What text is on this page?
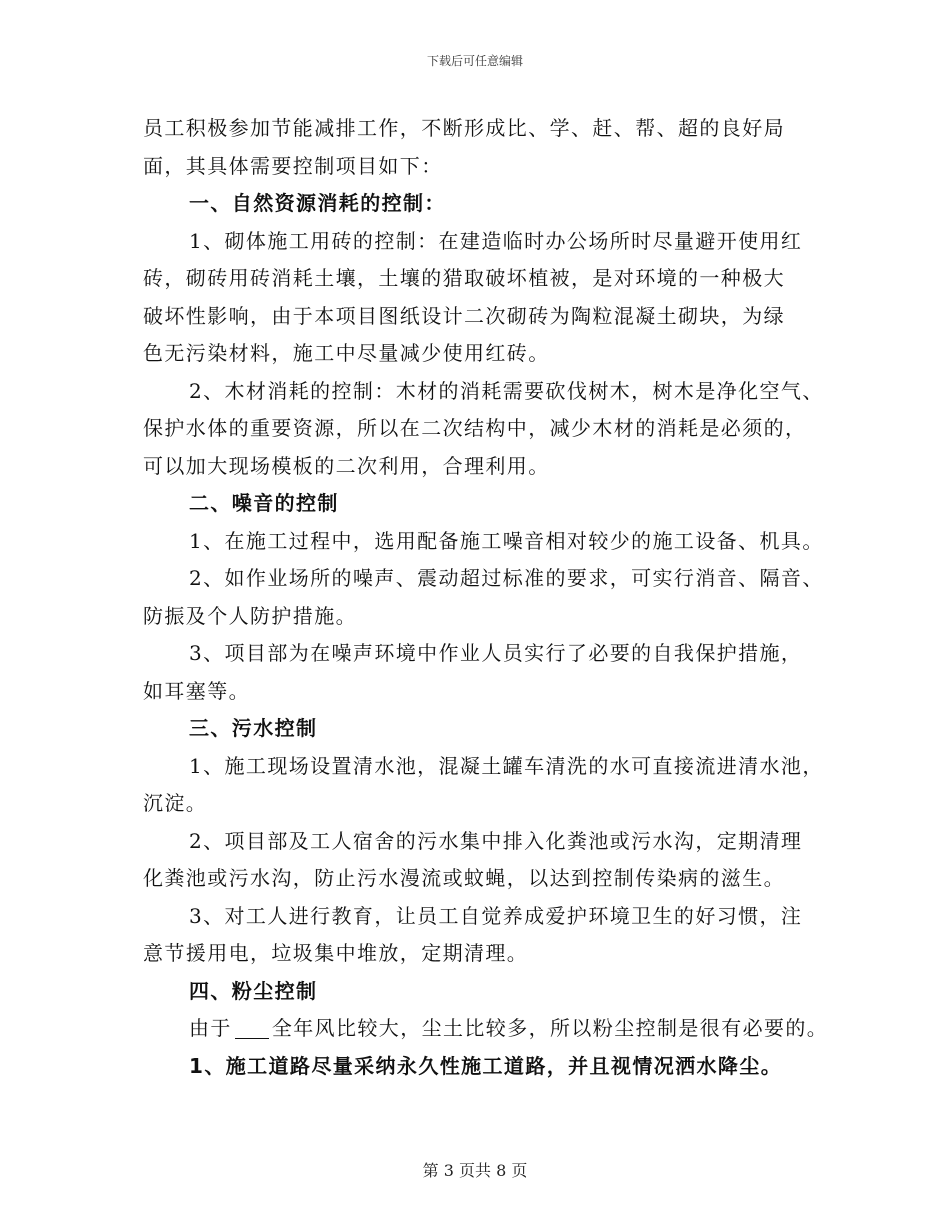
下载后可任意编辑
员工积极参加节能减排工作，不断形成比、学、赶、帮、超的良好局
面，其具体需要控制项目如下：
一、自然资源消耗的控制：
1、砌体施工用砖的控制：在建造临时办公场所时尽量避开使用红
砖，砌砖用砖消耗土壤，土壤的猎取破坏植被，是对环境的一种极大
破坏性影响，由于本项目图纸设计二次砌砖为陶粒混凝土砌块，为绿
色无污染材料，施工中尽量减少使用红砖。
2、木材消耗的控制：木材的消耗需要砍伐树木，树木是净化空气、
保护水体的重要资源，所以在二次结构中，减少木材的消耗是必须的，
可以加大现场模板的二次利用，合理利用。
二、噪音的控制
1、在施工过程中，选用配备施工噪音相对较少的施工设备、机具。
2、如作业场所的噪声、震动超过标准的要求，可实行消音、隔音、
防振及个人防护措施。
3、项目部为在噪声环境中作业人员实行了必要的自我保护措施，
如耳塞等。
三、污水控制
1、施工现场设置清水池，混凝土罐车清洗的水可直接流进清水池，
沉淀。
2、项目部及工人宿舍的污水集中排入化粪池或污水沟，定期清理
化粪池或污水沟，防止污水漫流或蚊蝇，以达到控制传染病的滋生。
3、对工人进行教育，让员工自觉养成爱护环境卫生的好习惯，注
意节援用电，垃圾集中堆放，定期清理。
四、粉尘控制
由于 全年风比较大，尘土比较多，所以粉尘控制是很有必要的。
1、施工道路尽量采纳永久性施工道路，并且视情况洒水降尘。
第 3 页共 8 页
